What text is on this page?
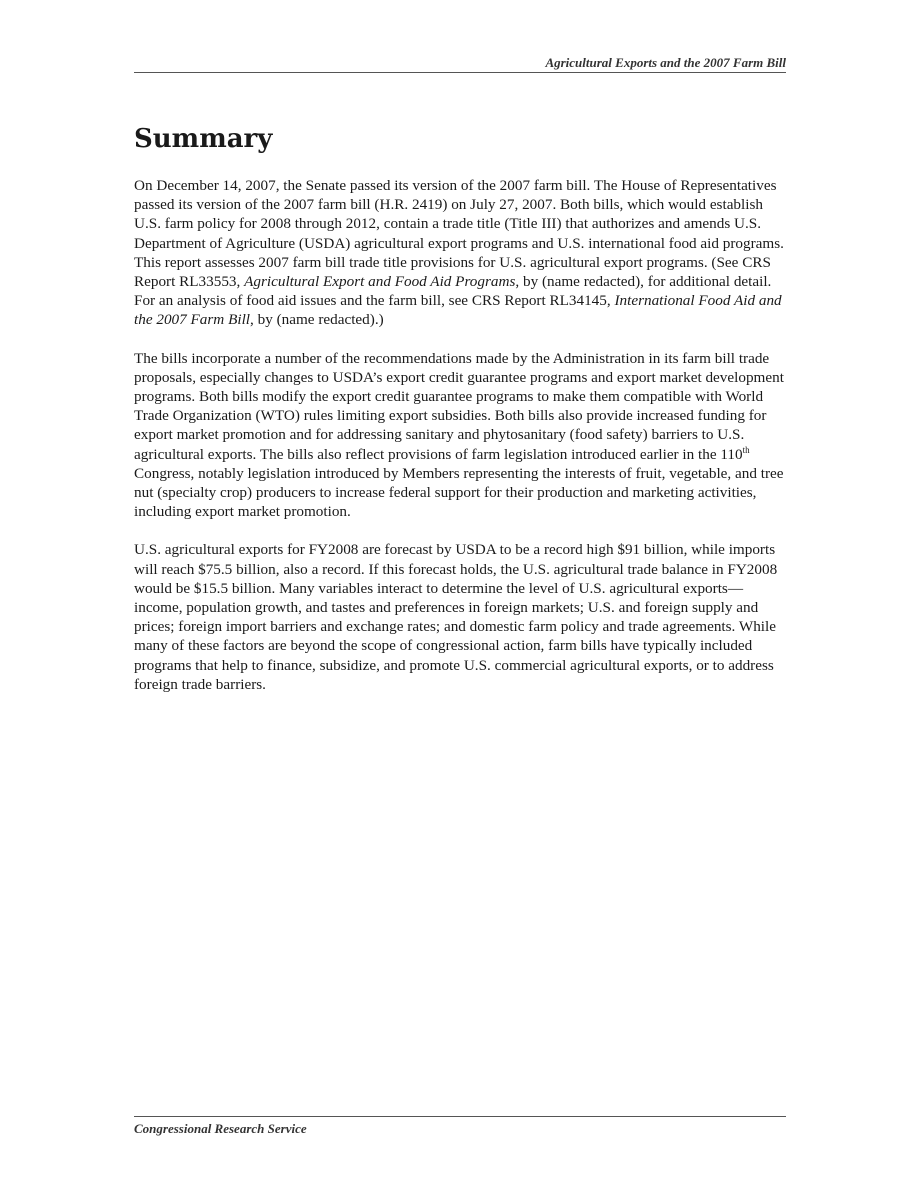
Agricultural Exports and the 2007 Farm Bill
Summary

On December 14, 2007, the Senate passed its version of the 2007 farm bill. The House of Representatives passed its version of the 2007 farm bill (H.R. 2419) on July 27, 2007. Both bills, which would establish U.S. farm policy for 2008 through 2012, contain a trade title (Title III) that authorizes and amends U.S. Department of Agriculture (USDA) agricultural export programs and U.S. international food aid programs. This report assesses 2007 farm bill trade title provisions for U.S. agricultural export programs. (See CRS Report RL33553, Agricultural Export and Food Aid Programs, by (name redacted), for additional detail. For an analysis of food aid issues and the farm bill, see CRS Report RL34145, International Food Aid and the 2007 Farm Bill, by (name redacted).)

The bills incorporate a number of the recommendations made by the Administration in its farm bill trade proposals, especially changes to USDA’s export credit guarantee programs and export market development programs. Both bills modify the export credit guarantee programs to make them compatible with World Trade Organization (WTO) rules limiting export subsidies. Both bills also provide increased funding for export market promotion and for addressing sanitary and phytosanitary (food safety) barriers to U.S. agricultural exports. The bills also reflect provisions of farm legislation introduced earlier in the 110th Congress, notably legislation introduced by Members representing the interests of fruit, vegetable, and tree nut (specialty crop) producers to increase federal support for their production and marketing activities, including export market promotion.

U.S. agricultural exports for FY2008 are forecast by USDA to be a record high $91 billion, while imports will reach $75.5 billion, also a record. If this forecast holds, the U.S. agricultural trade balance in FY2008 would be $15.5 billion. Many variables interact to determine the level of U.S. agricultural exports—income, population growth, and tastes and preferences in foreign markets; U.S. and foreign supply and prices; foreign import barriers and exchange rates; and domestic farm policy and trade agreements. While many of these factors are beyond the scope of congressional action, farm bills have typically included programs that help to finance, subsidize, and promote U.S. commercial agricultural exports, or to address foreign trade barriers.

Congressional Research Service
